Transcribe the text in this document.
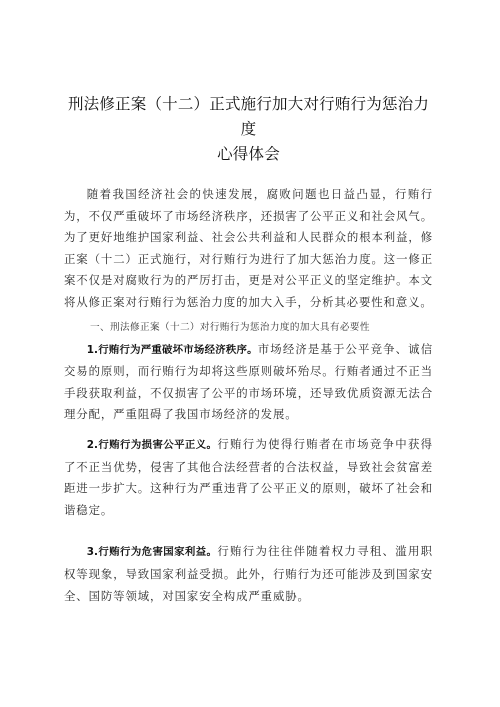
刑法修正案（十二）正式施行加大对行贿行为惩治力度
心得体会

随着我国经济社会的快速发展，腐败问题也日益凸显，行贿行为，不仅严重破坏了市场经济秩序，还损害了公平正义和社会风气。为了更好地维护国家利益、社会公共利益和人民群众的根本利益，修正案（十二）正式施行，对行贿行为进行了加大惩治力度。这一修正案不仅是对腐败行为的严厉打击，更是对公平正义的坚定维护。本文将从修正案对行贿行为惩治力度的加大入手，分析其必要性和意义。

一、刑法修正案（十二）对行贿行为惩治力度的加大具有必要性

1.行贿行为严重破坏市场经济秩序。市场经济是基于公平竞争、诚信交易的原则，而行贿行为却将这些原则破坏殆尽。行贿者通过不正当手段获取利益，不仅损害了公平的市场环境，还导致优质资源无法合理分配，严重阻碍了我国市场经济的发展。

2.行贿行为损害公平正义。行贿行为使得行贿者在市场竞争中获得了不正当优势，侵害了其他合法经营者的合法权益，导致社会贫富差距进一步扩大。这种行为严重违背了公平正义的原则，破坏了社会和谐稳定。

3.行贿行为危害国家利益。行贿行为往往伴随着权力寻租、滥用职权等现象，导致国家利益受损。此外，行贿行为还可能涉及到国家安全、国防等领域，对国家安全构成严重威胁。
